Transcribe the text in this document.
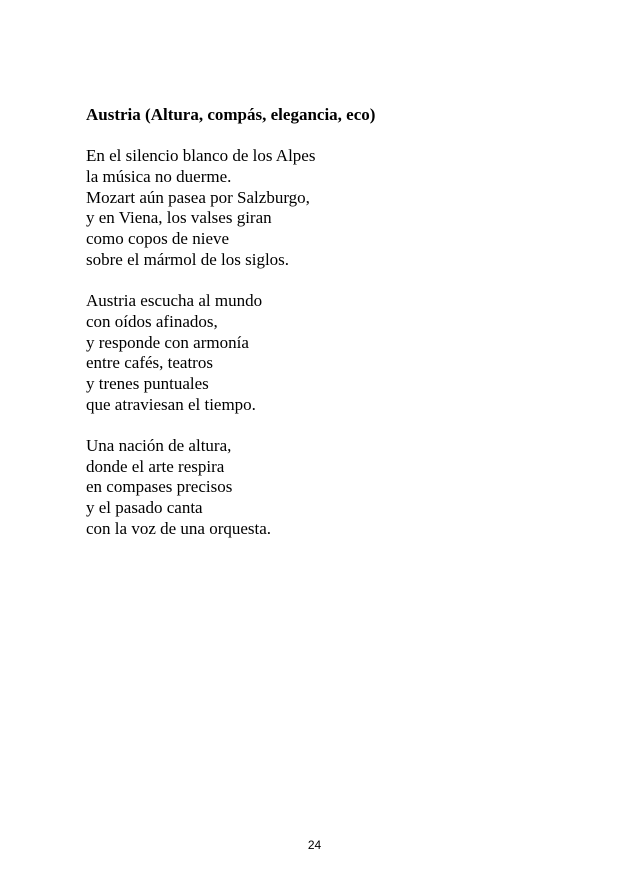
Austria (Altura, compás, elegancia, eco)
En el silencio blanco de los Alpes
la música no duerme.
Mozart aún pasea por Salzburgo,
y en Viena, los valses giran
como copos de nieve
sobre el mármol de los siglos.
Austria escucha al mundo
con oídos afinados,
y responde con armonía
entre cafés, teatros
y trenes puntuales
que atraviesan el tiempo.
Una nación de altura,
donde el arte respira
en compases precisos
y el pasado canta
con la voz de una orquesta.
24
